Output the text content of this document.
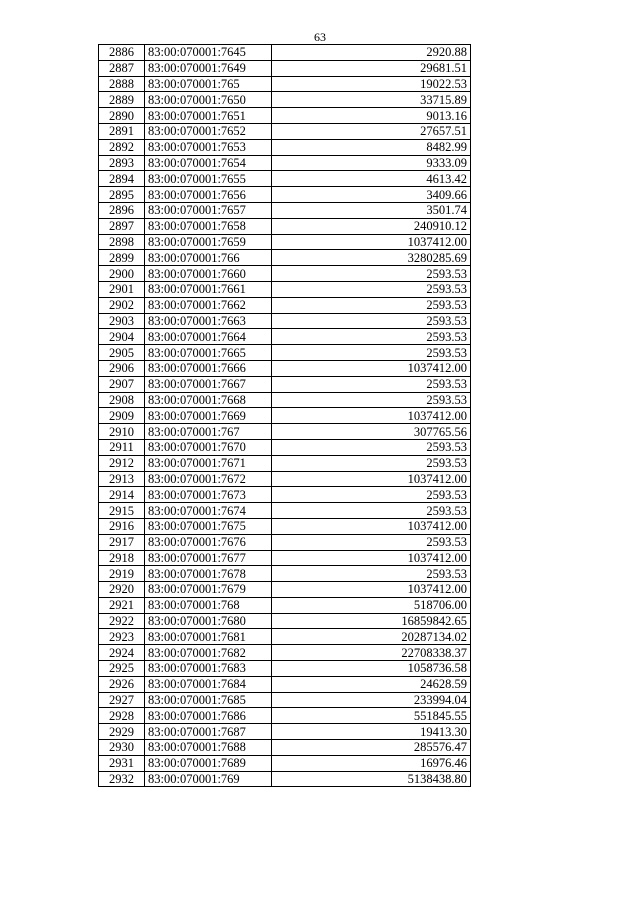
63
2886	83:00:070001:7645	2920.88
2887	83:00:070001:7649	29681.51
2888	83:00:070001:765	19022.53
2889	83:00:070001:7650	33715.89
2890	83:00:070001:7651	9013.16
2891	83:00:070001:7652	27657.51
2892	83:00:070001:7653	8482.99
2893	83:00:070001:7654	9333.09
2894	83:00:070001:7655	4613.42
2895	83:00:070001:7656	3409.66
2896	83:00:070001:7657	3501.74
2897	83:00:070001:7658	240910.12
2898	83:00:070001:7659	1037412.00
2899	83:00:070001:766	3280285.69
2900	83:00:070001:7660	2593.53
2901	83:00:070001:7661	2593.53
2902	83:00:070001:7662	2593.53
2903	83:00:070001:7663	2593.53
2904	83:00:070001:7664	2593.53
2905	83:00:070001:7665	2593.53
2906	83:00:070001:7666	1037412.00
2907	83:00:070001:7667	2593.53
2908	83:00:070001:7668	2593.53
2909	83:00:070001:7669	1037412.00
2910	83:00:070001:767	307765.56
2911	83:00:070001:7670	2593.53
2912	83:00:070001:7671	2593.53
2913	83:00:070001:7672	1037412.00
2914	83:00:070001:7673	2593.53
2915	83:00:070001:7674	2593.53
2916	83:00:070001:7675	1037412.00
2917	83:00:070001:7676	2593.53
2918	83:00:070001:7677	1037412.00
2919	83:00:070001:7678	2593.53
2920	83:00:070001:7679	1037412.00
2921	83:00:070001:768	518706.00
2922	83:00:070001:7680	16859842.65
2923	83:00:070001:7681	20287134.02
2924	83:00:070001:7682	22708338.37
2925	83:00:070001:7683	1058736.58
2926	83:00:070001:7684	24628.59
2927	83:00:070001:7685	233994.04
2928	83:00:070001:7686	551845.55
2929	83:00:070001:7687	19413.30
2930	83:00:070001:7688	285576.47
2931	83:00:070001:7689	16976.46
2932	83:00:070001:769	5138438.80
